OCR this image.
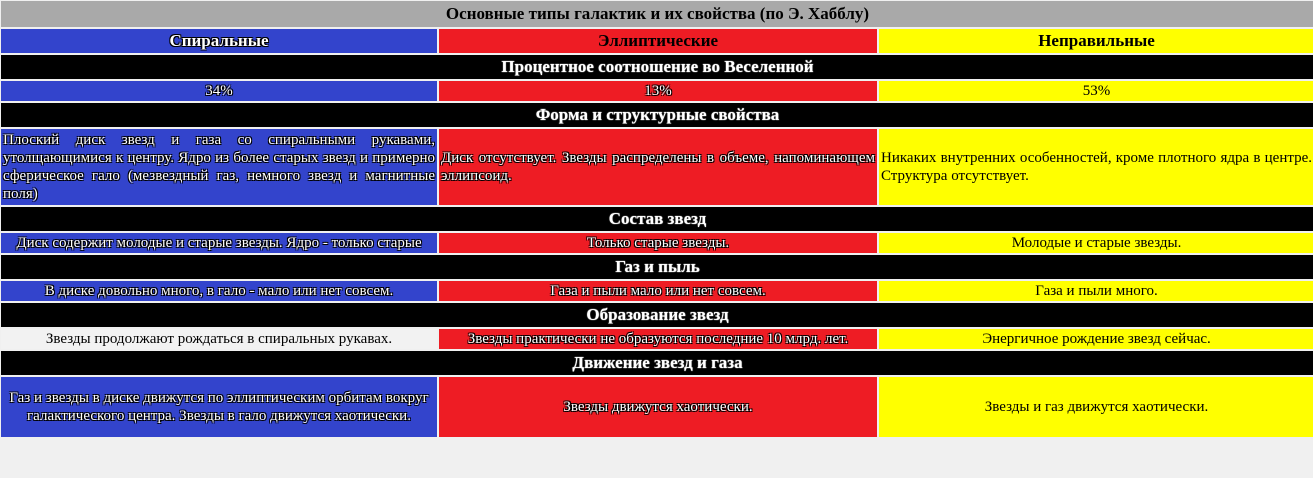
Основные типы галактик и их свойства (по Э. Хабблу)		
Спиральные	Эллиптические	Неправильные
Процентное соотношение во Веселенной		
34%	13%	53%
Форма и структурные свойства		
Плоский диск звезд и газа со спиральными рукавами, утолщающимися к центру. Ядро из более старых звезд и примерно сферическое гало (мезвездный газ, немного звезд и магнитные поля)	Диск отсутствует. Звезды распределены в объеме, напоминающем эллипсоид.	Никаких внутренних особенностей, кроме плотного ядра в центре. Структура отсутствует.
Состав звезд		
Диск содержит молодые и старые звезды. Ядро - только старые	Только старые звезды.	Молодые и старые звезды.
Газ и пыль		
В диске довольно много, в гало - мало или нет совсем.	Газа и пыли мало или нет совсем.	Газа и пыли много.
Образование звезд		
Звезды продолжают рождаться в спиральных рукавах.	Звезды практически не образуются последние 10 млрд. лет.	Энергичное рождение звезд сейчас.
Движение звезд и газа		
Газ и звезды в диске движутся по эллиптическим орбитам вокруг галактического центра. Звезды в гало движутся хаотически.	Звезды движутся хаотически.	Звезды и газ движутся хаотически.
